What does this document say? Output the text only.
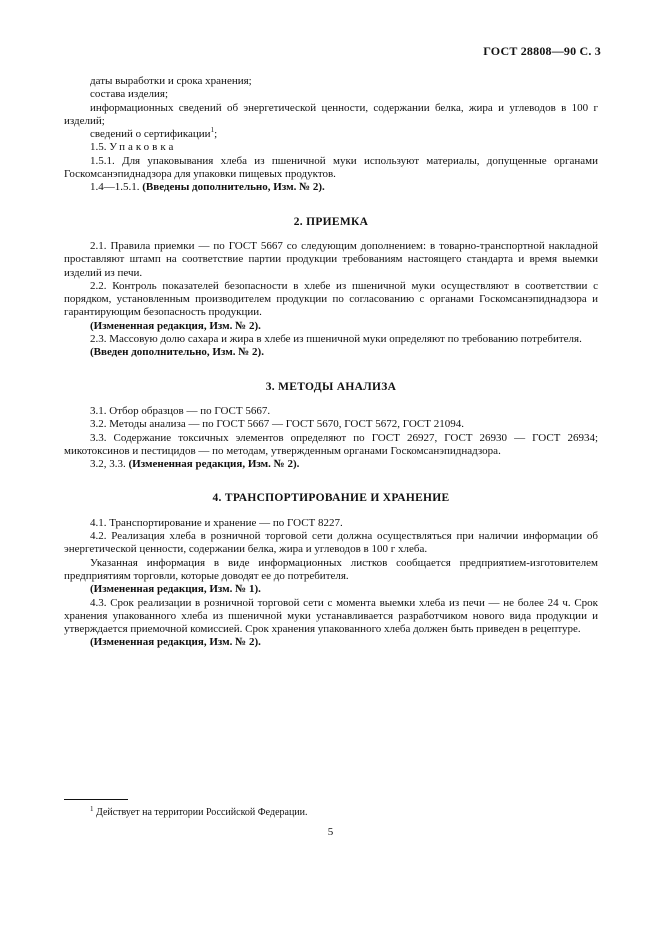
ГОСТ 28808—90 С. 3

даты выработки и срока хранения;

состава изделия;

информационных сведений об энергетической ценности, содержании белка, жира и углеводов в 100 г изделий;

сведений о сертификации$^1$;

1.5. Упаковка

1.5.1. Для упаковывания хлеба из пшеничной муки используют материалы, допущенные органами Госкомсанэпиднадзора для упаковки пищевых продуктов.

1.4—1.5.1. (Введены дополнительно, Изм. № 2).

2. ПРИЕМКА

2.1. Правила приемки — по ГОСТ 5667 со следующим дополнением: в товарно-транспортной накладной проставляют штамп на соответствие партии продукции требованиям настоящего стандарта и время выемки изделий из печи.

2.2. Контроль показателей безопасности в хлебе из пшеничной муки осуществляют в соответствии с порядком, установленным производителем продукции по согласованию с органами Госкомсанэпиднадзора и гарантирующим безопасность продукции.

(Измененная редакция, Изм. № 2).

2.3. Массовую долю сахара и жира в хлебе из пшеничной муки определяют по требованию потребителя.

(Введен дополнительно, Изм. № 2).

3. МЕТОДЫ АНАЛИЗА

3.1. Отбор образцов — по ГОСТ 5667.

3.2. Методы анализа — по ГОСТ 5667 — ГОСТ 5670, ГОСТ 5672, ГОСТ 21094.

3.3. Содержание токсичных элементов определяют по ГОСТ 26927, ГОСТ 26930 — ГОСТ 26934; микотоксинов и пестицидов — по методам, утвержденным органами Госкомсанэпиднадзора.

3.2, 3.3. (Измененная редакция, Изм. № 2).

4. ТРАНСПОРТИРОВАНИЕ И ХРАНЕНИЕ

4.1. Транспортирование и хранение — по ГОСТ 8227.

4.2. Реализация хлеба в розничной торговой сети должна осуществляться при наличии информации об энергетической ценности, содержании белка, жира и углеводов в 100 г хлеба.

Указанная информация в виде информационных листков сообщается предприятием-изготовителем предприятиям торговли, которые доводят ее до потребителя.

(Измененная редакция, Изм. № 1).

4.3. Срок реализации в розничной торговой сети с момента выемки хлеба из печи — не более 24 ч. Срок хранения упакованного хлеба из пшеничной муки устанавливается разработчиком нового вида продукции и утверждается приемочной комиссией. Срок хранения упакованного хлеба должен быть приведен в рецептуре.

(Измененная редакция, Изм. № 2).

$^1$ Действует на территории Российской Федерации.
5
